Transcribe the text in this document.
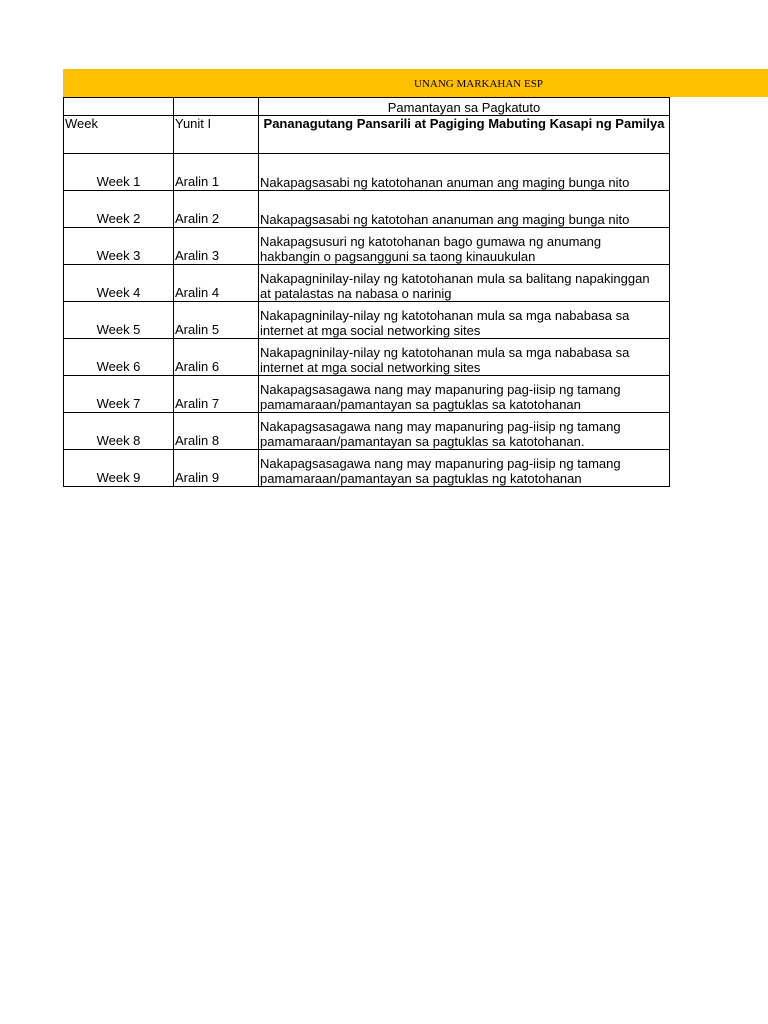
UNANG MARKAHAN ESP
		Pamantayan sa Pagkatuto
Week	Yunit I	Pananagutang Pansarili at Pagiging Mabuting Kasapi ng Pamilya
Week 1	Aralin 1	Nakapagsasabi ng katotohanan anuman ang maging bunga nito
Week 2	Aralin 2	Nakapagsasabi ng katotohan ananuman ang maging bunga nito
Week 3	Aralin 3	Nakapagsusuri ng katotohanan bago gumawa ng anumang
hakbangin o pagsangguni sa taong kinauukulan
Week 4	Aralin 4	Nakapagninilay-nilay ng katotohanan mula sa balitang napakinggan
at patalastas na nabasa o narinig
Week 5	Aralin 5	Nakapagninilay-nilay ng katotohanan mula sa mga nababasa sa
internet at mga social networking sites
Week 6	Aralin 6	Nakapagninilay-nilay ng katotohanan mula sa mga nababasa sa
internet at mga social networking sites
Week 7	Aralin 7	Nakapagsasagawa nang may mapanuring pag-iisip ng tamang
pamamaraan/pamantayan sa pagtuklas sa katotohanan
Week 8	Aralin 8	Nakapagsasagawa nang may mapanuring pag-iisip ng tamang
pamamaraan/pamantayan sa pagtuklas sa katotohanan.
Week 9	Aralin 9	Nakapagsasagawa nang may mapanuring pag-iisip ng tamang
pamamaraan/pamantayan sa pagtuklas ng katotohanan
